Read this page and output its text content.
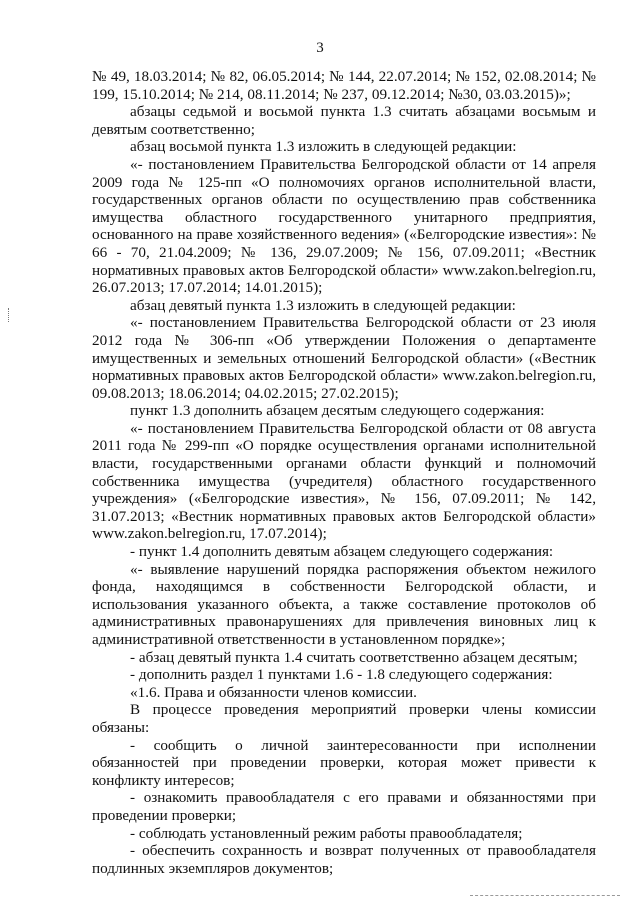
3

№ 49, 18.03.2014; № 82, 06.05.2014; № 144, 22.07.2014; № 152, 02.08.2014; № 199, 15.10.2014; № 214, 08.11.2014; № 237, 09.12.2014; №30, 03.03.2015)»;

абзацы седьмой и восьмой пункта 1.3 считать абзацами восьмым и девятым соответственно;

абзац восьмой пункта 1.3 изложить в следующей редакции:

«- постановлением Правительства Белгородской области от 14 апреля 2009 года № 125-пп «О полномочиях органов исполнительной власти, государственных органов области по осуществлению прав собственника имущества областного государственного унитарного предприятия, основанного на праве хозяйственного ведения» («Белгородские известия»: № 66 - 70, 21.04.2009; № 136, 29.07.2009; № 156, 07.09.2011; «Вестник нормативных правовых актов Белгородской области» www.zakon.belregion.ru, 26.07.2013; 17.07.2014; 14.01.2015);

абзац девятый пункта 1.3 изложить в следующей редакции:

«- постановлением Правительства Белгородской области от 23 июля 2012 года № 306-пп «Об утверждении Положения о департаменте имущественных и земельных отношений Белгородской области» («Вестник нормативных правовых актов Белгородской области» www.zakon.belregion.ru, 09.08.2013; 18.06.2014; 04.02.2015; 27.02.2015);

пункт 1.3 дополнить абзацем десятым следующего содержания:

«- постановлением Правительства Белгородской области от 08 августа 2011 года № 299-пп «О порядке осуществления органами исполнительной власти, государственными органами области функций и полномочий собственника имущества (учредителя) областного государственного учреждения» («Белгородские известия», № 156, 07.09.2011; № 142, 31.07.2013; «Вестник нормативных правовых актов Белгородской области» www.zakon.belregion.ru, 17.07.2014);

- пункт 1.4 дополнить девятым абзацем следующего содержания:

«- выявление нарушений порядка распоряжения объектом нежилого фонда, находящимся в собственности Белгородской области, и использования указанного объекта, а также составление протоколов об административных правонарушениях для привлечения виновных лиц к административной ответственности в установленном порядке»;

- абзац девятый пункта 1.4 считать соответственно абзацем десятым;

- дополнить раздел 1 пунктами 1.6 - 1.8 следующего содержания:

«1.6. Права и обязанности членов комиссии.

В процессе проведения мероприятий проверки члены комиссии обязаны:

- сообщить о личной заинтересованности при исполнении обязанностей при проведении проверки, которая может привести к конфликту интересов;

- ознакомить правообладателя с его правами и обязанностями при проведении проверки;

- соблюдать установленный режим работы правообладателя;

- обеспечить сохранность и возврат полученных от правообладателя подлинных экземпляров документов;
